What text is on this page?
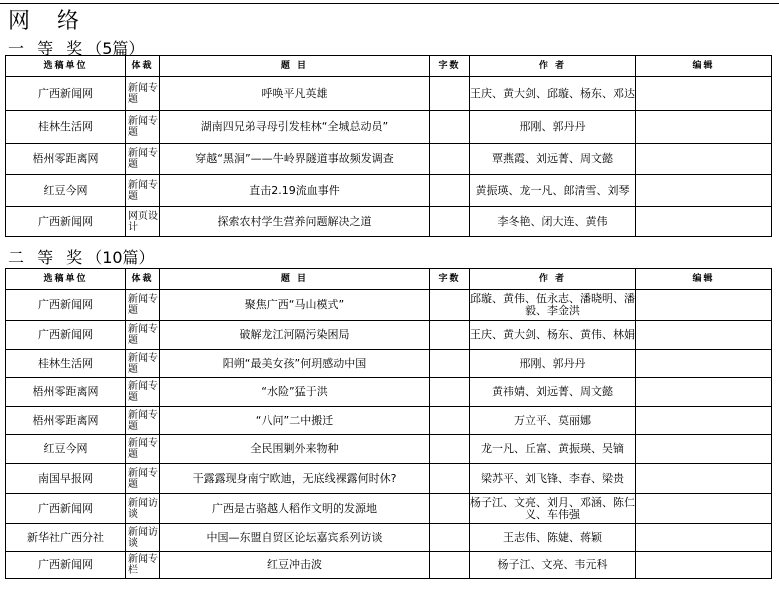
网 络
一 等 奖（5篇）
选稿单位	体裁	题 目	字数	作 者	编辑
广西新闻网	新闻专题	呼唤平凡英雄		王庆、黄大剑、邱璇、杨东、邓达	
桂林生活网	新闻专题	湖南四兄弟寻母引发桂林“全城总动员”		邢刚、郭丹丹	
梧州零距离网	新闻专题	穿越“黑洞”——牛岭界隧道事故频发调查		覃燕霞、刘远菁、周文懿	
红豆今网	新闻专题	直击2.19流血事件		黄振瑛、龙一凡、郎清雪、刘琴	
广西新闻网	网页设计	探索农村学生营养问题解决之道		李冬艳、闭大连、黄伟	
二 等 奖（10篇）
选稿单位	体裁	题 目	字数	作 者	编辑
广西新闻网	新闻专题	聚焦广西“马山模式”		邱璇、黄伟、伍永志、潘晓明、潘毅、李金洪	
广西新闻网	新闻专题	破解龙江河隔污染困局		王庆、黄大剑、杨东、黄伟、林娟	
桂林生活网	新闻专题	阳朔“最美女孩”何玥感动中国		邢刚、郭丹丹	
梧州零距离网	新闻专题	“水险”猛于洪		黄祎婧、刘远菁、周文懿	
梧州零距离网	新闻专题	“八问”二中搬迁		万立平、莫丽娜	
红豆今网	新闻专题	全民围剿外来物种		龙一凡、丘富、黄振瑛、吴镝	
南国早报网	新闻专题	干露露现身南宁欧迪，无底线裸露何时休?		梁苏平、刘飞锋、李春、梁贵	
广西新闻网	新闻访谈	广西是古骆越人稻作文明的发源地		杨子江、文亮、刘月、邓涵、陈仁义、车伟强	
新华社广西分社	新闻访谈	中国—东盟自贸区论坛嘉宾系列访谈		王志伟、陈婕、蒋颖	
广西新闻网	新闻专栏	红豆冲击波		杨子江、文亮、韦元科	
